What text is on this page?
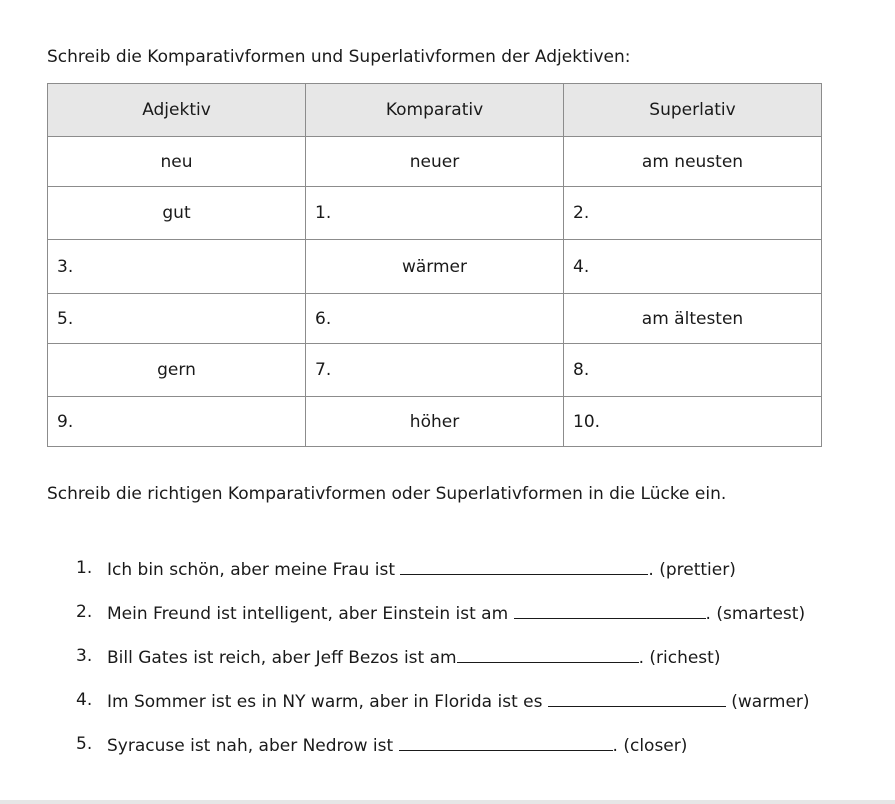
Schreib die Komparativformen und Superlativformen der Adjektiven:
Adjektiv	Komparativ	Superlativ
neu	neuer	am neusten
gut	1.	2.
3.	wärmer	4.
5.	6.	am ältesten
gern	7.	8.
9.	höher	10.
Schreib die richtigen Komparativformen oder Superlativformen in die Lücke ein.
1. Ich bin schön, aber meine Frau ist	. (prettier)
2. Mein Freund ist intelligent, aber Einstein ist am	. (smartest)
3. Bill Gates ist reich, aber Jeff Bezos ist am	. (richest)
4. Im Sommer ist es in NY warm, aber in Florida ist es	(warmer)
5. Syracuse ist nah, aber Nedrow ist	. (closer)
